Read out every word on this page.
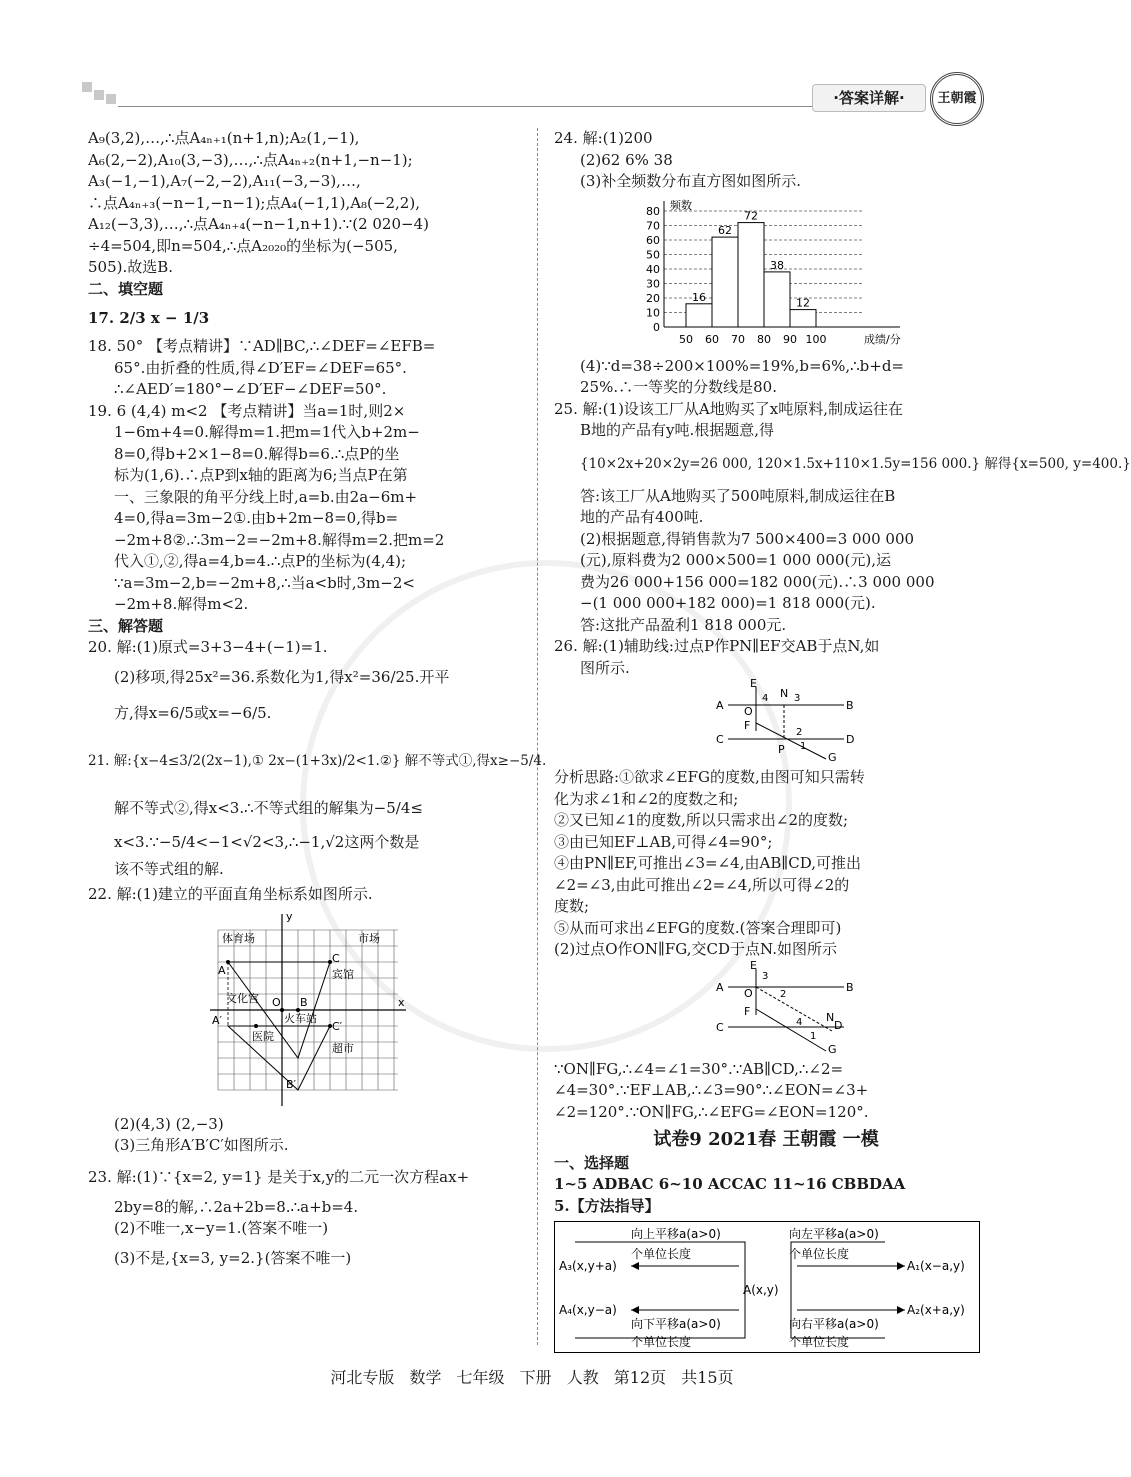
·答案详解·	王朝霞
A₉(3,2),…,∴点A₄ₙ₊₁(n+1,n);A₂(1,−1),
A₆(2,−2),A₁₀(3,−3),…,∴点A₄ₙ₊₂(n+1,−n−1);
A₃(−1,−1),A₇(−2,−2),A₁₁(−3,−3),…,
∴点A₄ₙ₊₃(−n−1,−n−1);点A₄(−1,1),A₈(−2,2),
A₁₂(−3,3),…,∴点A₄ₙ₊₄(−n−1,n+1).∵(2 020−4)
÷4=504,即n=504,∴点A₂₀₂₀的坐标为(−505,
505).故选B.
二、填空题
17. 2/3 x − 1/3
18. 50° 【考点精讲】∵AD∥BC,∴∠DEF=∠EFB=
65°.由折叠的性质,得∠D′EF=∠DEF=65°.
∴∠AED′=180°−∠D′EF−∠DEF=50°.
19. 6 (4,4) m<2 【考点精讲】当a=1时,则2×
1−6m+4=0.解得m=1.把m=1代入b+2m−
8=0,得b+2×1−8=0.解得b=6.∴点P的坐
标为(1,6).∴点P到x轴的距离为6;当点P在第
一、三象限的角平分线上时,a=b.由2a−6m+
4=0,得a=3m−2①.由b+2m−8=0,得b=
−2m+8②.∴3m−2=−2m+8.解得m=2.把m=2
代入①,②,得a=4,b=4.∴点P的坐标为(4,4);
∵a=3m−2,b=−2m+8,∴当a<b时,3m−2<
−2m+8.解得m<2.
三、解答题
20. 解:(1)原式=3+3−4+(−1)=1.
(2)移项,得25x²=36.系数化为1,得x²=36/25.开平
方,得x=6/5或x=−6/5.
21. 解:{x−4≤3/2(2x−1),① 2x−(1+3x)/2<1.②} 解不等式①,得x≥−5/4.
解不等式②,得x<3.∴不等式组的解集为−5/4≤
x<3.∵−5/4<−1<√2<3,∴−1,√2这两个数是
该不等式组的解.
22. 解:(1)建立的平面直角坐标系如图所示.
体育场	市场
文化宫
宾馆
火车站
医院
超市
A
C
O B
A′	C′
B′
x
y
(2)(4,3) (2,−3)
(3)三角形A′B′C′如图所示.
23. 解:(1)∵{x=2, y=1} 是关于x,y的二元一次方程ax+
2by=8的解,∴2a+2b=8.∴a+b=4.
(2)不唯一,x−y=1.(答案不唯一)
(3)不是,{x=3, y=2.}(答案不唯一)
24. 解:(1)200
(2)62 6% 38
(3)补全频数分布直方图如图所示.
0
10
20
30
40
50
60
70
80
16
62
72
38
12
50 60 70 80 90 100
频数
成绩/分
(4)∵d=38÷200×100%=19%,b=6%,∴b+d=
25%.∴一等奖的分数线是80.
25. 解:(1)设该工厂从A地购买了x吨原料,制成运往在
B地的产品有y吨.根据题意,得
{10×2x+20×2y=26 000, 120×1.5x+110×1.5y=156 000.} 解得{x=500, y=400.}
答:该工厂从A地购买了500吨原料,制成运往在B
地的产品有400吨.
(2)根据题意,得销售款为7 500×400=3 000 000
(元),原料费为2 000×500=1 000 000(元),运
费为26 000+156 000=182 000(元).∴3 000 000
−(1 000 000+182 000)=1 818 000(元).
答:这批产品盈利1 818 000元.
26. 解:(1)辅助线:过点P作PN∥EF交AB于点N,如
图所示.
A	B
C	D
E
O
F
P
N
G
4	3
2
1
分析思路:①欲求∠EFG的度数,由图可知只需转
化为求∠1和∠2的度数之和;
②又已知∠1的度数,所以只需求出∠2的度数;
③由已知EF⊥AB,可得∠4=90°;
④由PN∥EF,可推出∠3=∠4,由AB∥CD,可推出
∠2=∠3,由此可推出∠2=∠4,所以可得∠2的
度数;
⑤从而可求出∠EFG的度数.(答案合理即可)
(2)过点O作ON∥FG,交CD于点N.如图所示
A	B
C	D
E
O
F	N
G
3
2
4
1
∵ON∥FG,∴∠4=∠1=30°.∵AB∥CD,∴∠2=
∠4=30°.∵EF⊥AB,∴∠3=90°∴∠EON=∠3+
∠2=120°.∵ON∥FG,∴∠EFG=∠EON=120°.
试卷9 2021春 王朝霞 一模
一、选择题
1~5 ADBAC 6~10 ACCAC 11~16 CBBDAA
5.【方法指导】
向上平移a(a>0)
个单位长度
向左平移a(a>0)
个单位长度
向下平移a(a>0)
个单位长度
向右平移a(a>0)
个单位长度
A(x,y)
A₃(x,y+a)
A₄(x,y−a)
A₁(x−a,y)
A₂(x+a,y)
河北专版 数学 七年级 下册 人教 第12页 共15页
